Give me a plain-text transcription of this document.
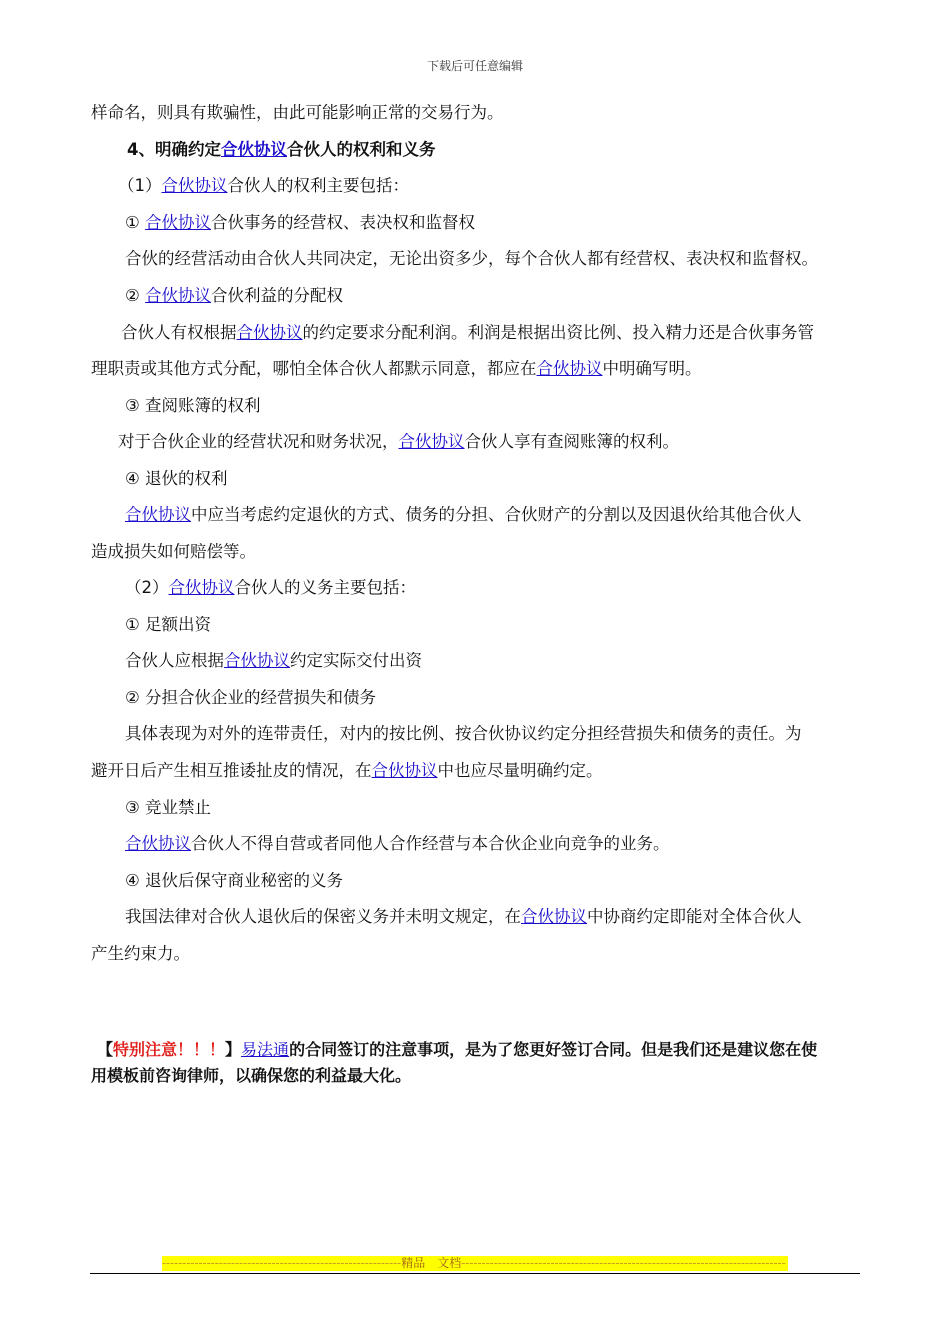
下载后可任意编辑
样命名，则具有欺骗性，由此可能影响正常的交易行为。
4、明确约定合伙协议合伙人的权利和义务
（1）合伙协议合伙人的权利主要包括：
① 合伙协议合伙事务的经营权、表决权和监督权
合伙的经营活动由合伙人共同决定，无论出资多少，每个合伙人都有经营权、表决权和监督权。
② 合伙协议合伙利益的分配权
合伙人有权根据合伙协议的约定要求分配利润。利润是根据出资比例、投入精力还是合伙事务管
理职责或其他方式分配，哪怕全体合伙人都默示同意，都应在合伙协议中明确写明。
③ 查阅账簿的权利
对于合伙企业的经营状况和财务状况，合伙协议合伙人享有查阅账簿的权利。
④ 退伙的权利
合伙协议中应当考虑约定退伙的方式、债务的分担、合伙财产的分割以及因退伙给其他合伙人
造成损失如何赔偿等。
（2）合伙协议合伙人的义务主要包括：
① 足额出资
合伙人应根据合伙协议约定实际交付出资
② 分担合伙企业的经营损失和债务
具体表现为对外的连带责任，对内的按比例、按合伙协议约定分担经营损失和债务的责任。为
避开日后产生相互推诿扯皮的情况，在合伙协议中也应尽量明确约定。
③ 竞业禁止
合伙协议合伙人不得自营或者同他人合作经营与本合伙企业向竞争的业务。
④ 退伙后保守商业秘密的义务
我国法律对合伙人退伙后的保密义务并未明文规定，在合伙协议中协商约定即能对全体合伙人
产生约束力。
【特别注意！！！】易法通的合同签订的注意事项，是为了您更好签订合同。但是我们还是建议您在使
用模板前咨询律师，以确保您的利益最大化。
-----------------------------------------------------------精品　文档--------------------------------------------------------------------------------
